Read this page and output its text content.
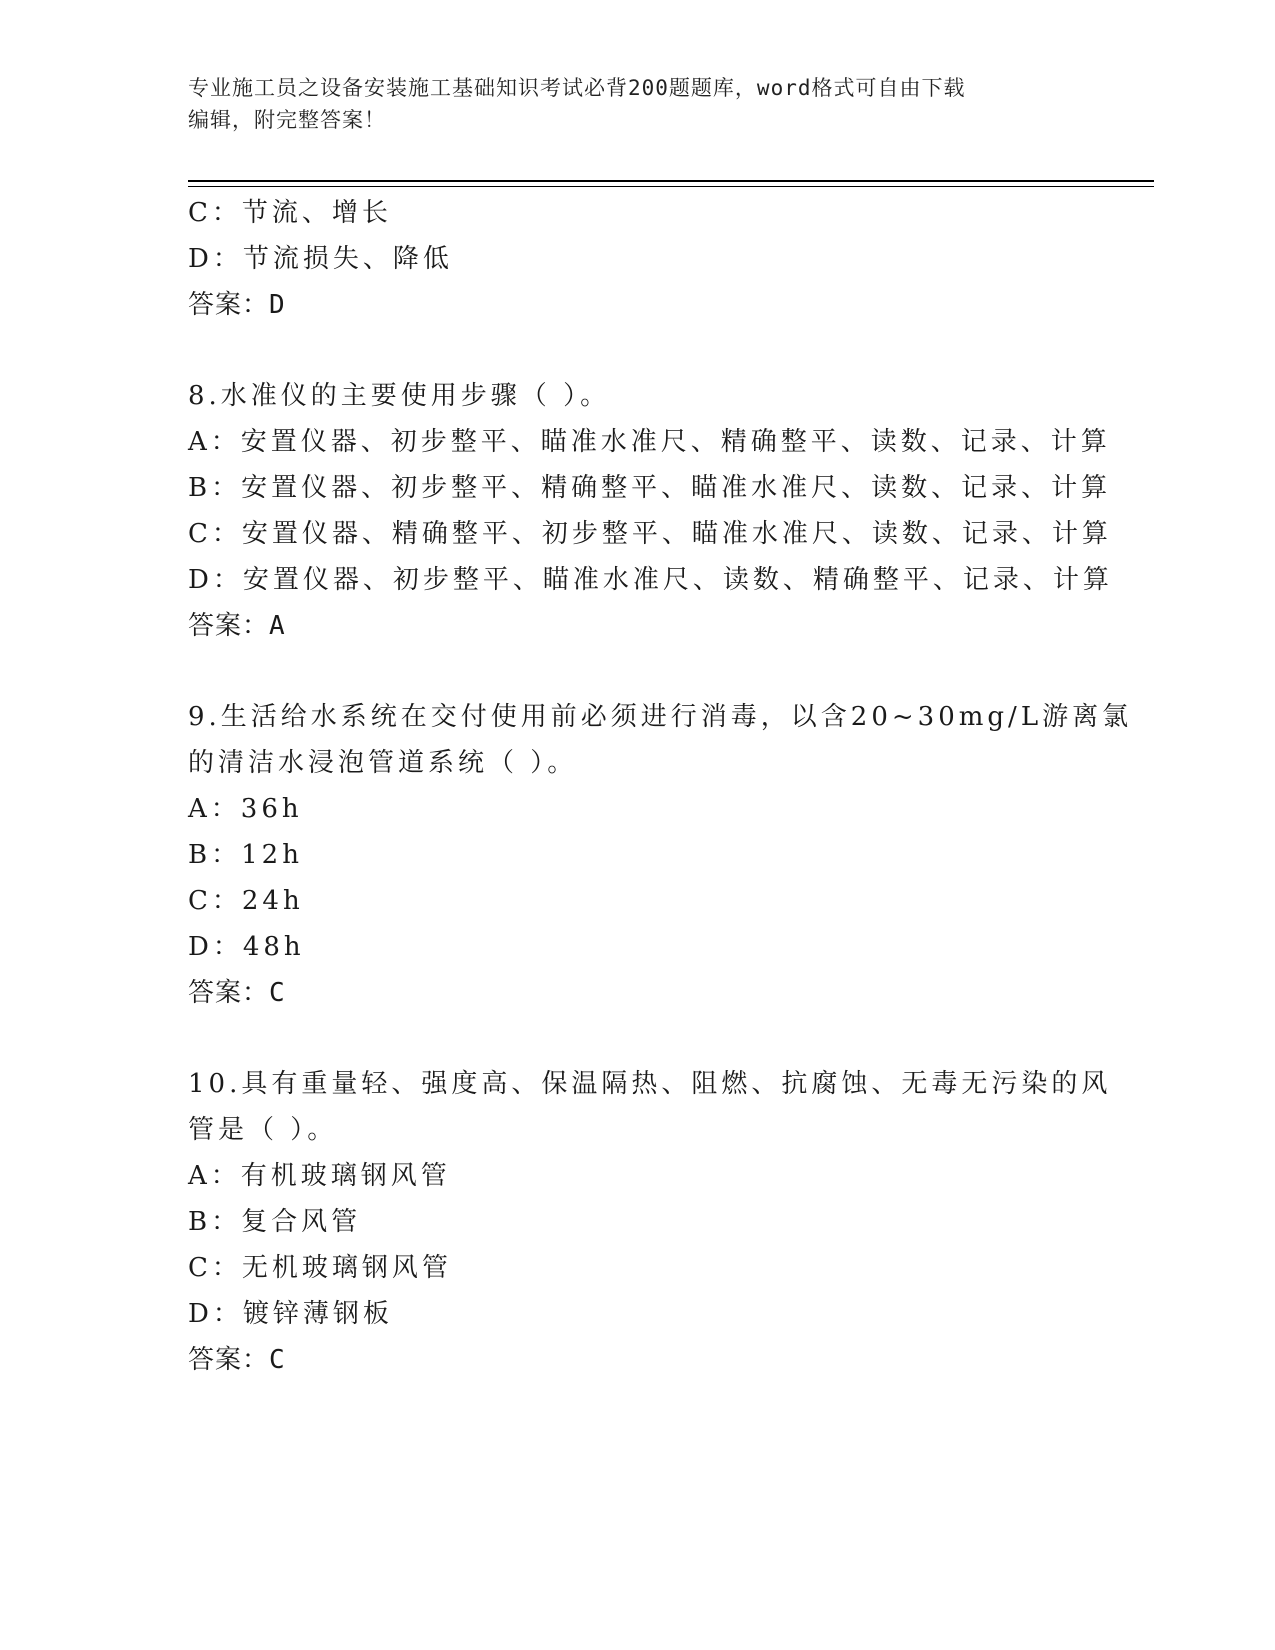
专业施工员之设备安装施工基础知识考试必背200题题库，word格式可自由下载
编辑，附完整答案！
C：节流、增长
D：节流损失、降低
答案：D
8.水准仪的主要使用步骤（ ）。
A：安置仪器、初步整平、瞄准水准尺、精确整平、读数、记录、计算
B：安置仪器、初步整平、精确整平、瞄准水准尺、读数、记录、计算
C：安置仪器、精确整平、初步整平、瞄准水准尺、读数、记录、计算
D：安置仪器、初步整平、瞄准水准尺、读数、精确整平、记录、计算
答案：A
9.生活给水系统在交付使用前必须进行消毒，以含20~30mg/L游离氯
的清洁水浸泡管道系统（ ）。
A：36h
B：12h
C：24h
D：48h
答案：C
10.具有重量轻、强度高、保温隔热、阻燃、抗腐蚀、无毒无污染的风
管是（ ）。
A：有机玻璃钢风管
B：复合风管
C：无机玻璃钢风管
D：镀锌薄钢板
答案：C
